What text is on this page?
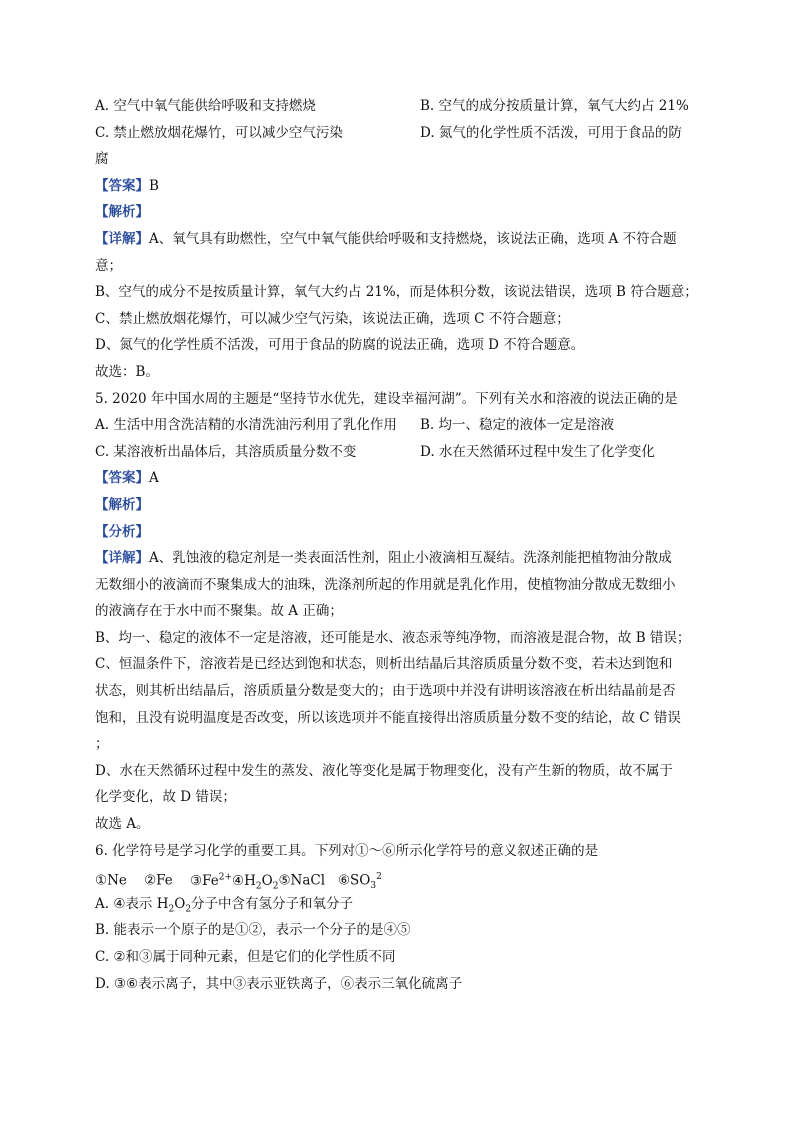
A. 空气中氧气能供给呼吸和支持燃烧	B. 空气的成分按质量计算，氧气大约占 21%
C. 禁止燃放烟花爆竹，可以减少空气污染	D. 氮气的化学性质不活泼，可用于食品的防
腐
【答案】B
【解析】
【详解】A、氧气具有助燃性，空气中氧气能供给呼吸和支持燃烧，该说法正确，选项 A 不符合题
意；
B、空气的成分不是按质量计算，氧气大约占 21%，而是体积分数，该说法错误，选项 B 符合题意；
C、禁止燃放烟花爆竹，可以减少空气污染，该说法正确，选项 C 不符合题意；
D、氮气的化学性质不活泼，可用于食品的防腐的说法正确，选项 D 不符合题意。
故选：B。
5. 2020 年中国水周的主题是“坚持节水优先，建设幸福河湖”。下列有关水和溶液的说法正确的是
A. 生活中用含洗洁精的水清洗油污利用了乳化作用	B. 均一、稳定的液体一定是溶液
C. 某溶液析出晶体后，其溶质质量分数不变	D. 水在天然循环过程中发生了化学变化
【答案】A
【解析】
【分析】
【详解】A、乳蚀液的稳定剂是一类表面活性剂，阻止小液滴相互凝结。洗涤剂能把植物油分散成
无数细小的液滴而不聚集成大的油珠，洗涤剂所起的作用就是乳化作用，使植物油分散成无数细小
的液滴存在于水中而不聚集。故 A 正确；
B、均一、稳定的液体不一定是溶液，还可能是水、液态汞等纯净物，而溶液是混合物，故 B 错误；
C、恒温条件下，溶液若是已经达到饱和状态，则析出结晶后其溶质质量分数不变，若未达到饱和
状态，则其析出结晶后，溶质质量分数是变大的；由于选项中并没有讲明该溶液在析出结晶前是否
饱和，且没有说明温度是否改变，所以该选项并不能直接得出溶质质量分数不变的结论，故 C 错误
；
D、水在天然循环过程中发生的蒸发、液化等变化是属于物理变化，没有产生新的物质，故不属于
化学变化，故 D 错误；
故选 A。
6. 化学符号是学习化学的重要工具。下列对①～⑥所示化学符号的意义叙述正确的是
①Ne ②Fe $③Fe^{2+}④H_2O_2⑤NaCl$ $⑥SO_3^2$
A. ④表示 $H_2O_2$分子中含有氢分子和氧分子
B. 能表示一个原子的是①②，表示一个分子的是④⑤
C. ②和③属于同种元素，但是它们的化学性质不同
D. ③⑥表示离子，其中③表示亚铁离子，⑥表示三氧化硫离子
